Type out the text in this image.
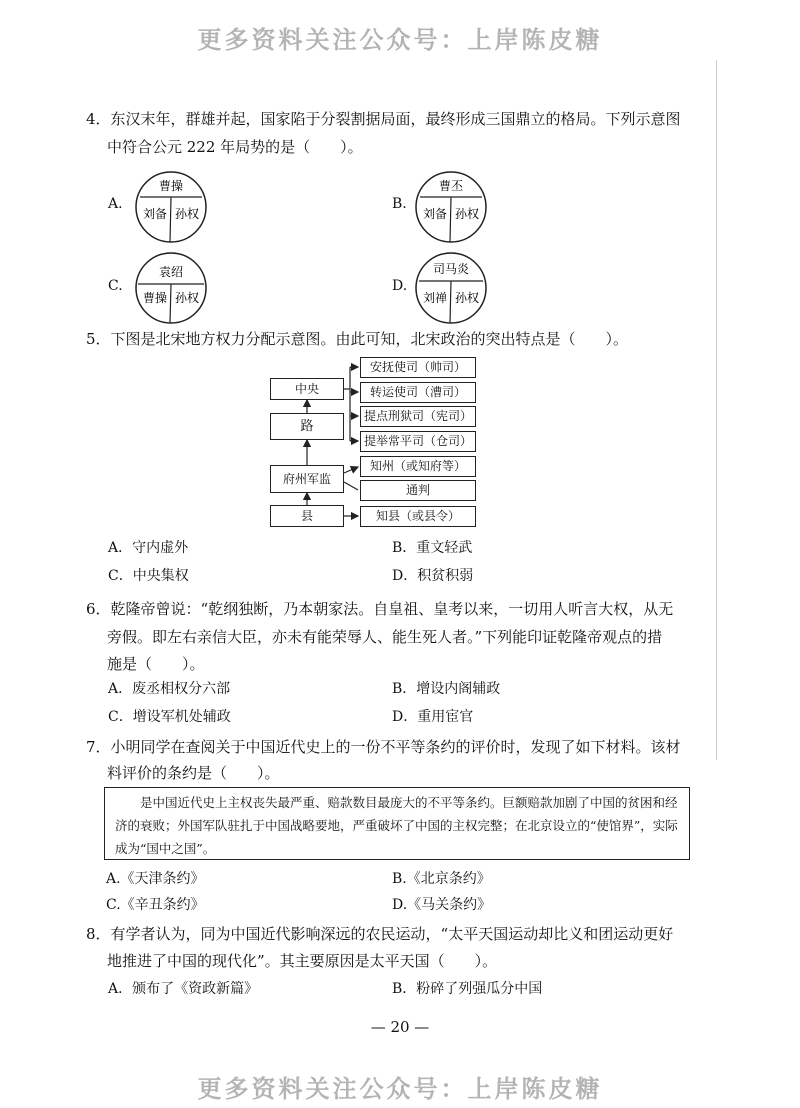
更多资料关注公众号：上岸陈皮糖
更多资料关注公众号：上岸陈皮糖
4．东汉末年，群雄并起，国家陷于分裂割据局面，最终形成三国鼎立的格局。下列示意图
中符合公元 222 年局势的是（　　）。
A.
曹操
刘备 孙权
B.
曹丕
刘备 孙权
C.
袁绍
曹操 孙权
D.
司马炎
刘禅 孙权
5．下图是北宋地方权力分配示意图。由此可知，北宋政治的突出特点是（　　）。
中央
路
府州军监
县
安抚使司（帅司）
转运使司（漕司）
提点刑狱司（宪司）
提举常平司（仓司）
知州（或知府等）
通判
知县（或县令）
A．守内虚外	B．重文轻武
C．中央集权	D．积贫积弱
6．乾隆帝曾说：“乾纲独断，乃本朝家法。自皇祖、皇考以来，一切用人听言大权，从无
旁假。即左右亲信大臣，亦未有能荣辱人、能生死人者。”下列能印证乾隆帝观点的措
施是（　　）。
A．废丞相权分六部	B．增设内阁辅政
C．增设军机处辅政	D．重用宦官
7．小明同学在查阅关于中国近代史上的一份不平等条约的评价时，发现了如下材料。该材
料评价的条约是（　　）。
是中国近代史上主权丧失最严重、赔款数目最庞大的不平等条约。巨额赔款加剧了中国的贫困和经济的衰败；外国军队驻扎于中国战略要地，严重破坏了中国的主权完整；在北京设立的“使馆界”，实际成为“国中之国”。
A.《天津条约》	B.《北京条约》
C.《辛丑条约》	D.《马关条约》
8．有学者认为，同为中国近代影响深远的农民运动，“太平天国运动却比义和团运动更好
地推进了中国的现代化”。其主要原因是太平天国（　　）。
A．颁布了《资政新篇》	B．粉碎了列强瓜分中国
— 20 —
